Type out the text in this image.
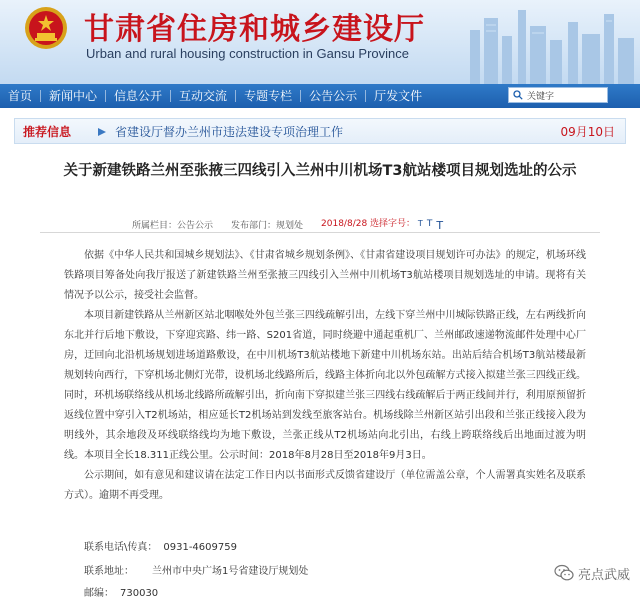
甘肃省住房和城乡建设厅
Urban and rural housing construction in Gansu Province
首页	新闻中心	信息公开	互动交流	专题专栏	公告公示	厅发文件
关键字
推荐信息	省建设厅督办兰州市违法建设专项治理工作	09月10日
关于新建铁路兰州至张掖三四线引入兰州中川机场T3航站楼项目规划选址的公示
所属栏目：公告公示 发布部门：规划处 2018/8/28 选择字号： T T T

依据《中华人民共和国城乡规划法》、《甘肃省城乡规划条例》、《甘肃省建设项目规划许可办法》的规定，机场环线铁路项目筹备处向我厅报送了新建铁路兰州至张掖三四线引入兰州中川机场T3航站楼项目规划选址的申请。现将有关情况予以公示，接受社会监督。

本项目新建铁路从兰州新区站北咽喉处外包兰张三四线疏解引出，左线下穿兰州中川城际铁路正线，左右两线折向东北并行后地下敷设，下穿迎宾路、纬一路、S201省道，同时绕避中通起重机厂、兰州邮政速递物流邮件处理中心厂房，迂回向北沿机场规划进场道路敷设，在中川机场T3航站楼地下新建中川机场东站。出站后结合机场T3航站楼最新规划转向西行，下穿机场北侧灯光带，设机场北线路所后，线路主体折向北以外包疏解方式接入拟建兰张三四线正线。同时，环机场联络线从机场北线路所疏解引出，折向南下穿拟建兰张三四线右线疏解后于两正线间并行，利用原预留折返线位置中穿引入T2机场站，相应延长T2机场站到发线至旅客站台。机场线除兰州新区站引出段和兰张正线接入段为明线外，其余地段及环线联络线均为地下敷设，兰张正线从T2机场站向北引出，右线上跨联络线后出地面过渡为明线。本项目全长18.311正线公里。公示时间：2018年8月28日至2018年9月3日。

公示期间，如有意见和建议请在法定工作日内以书面形式反馈省建设厅（单位需盖公章，个人需署真实姓名及联系方式）。逾期不再受理。

联系电话\传真： 0931-4609759
联系地址： 兰州市中央广场1号省建设厅规划处
邮编： 730030
亮点武威
